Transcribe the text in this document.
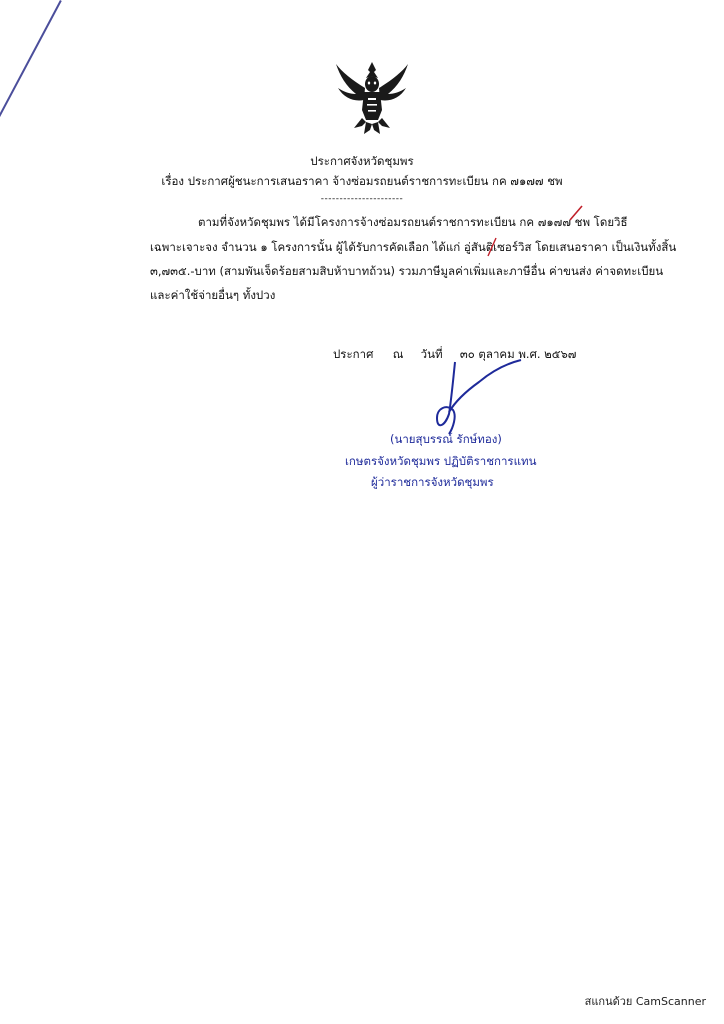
ประกาศจังหวัดชุมพร
เรื่อง ประกาศผู้ชนะการเสนอราคา จ้างซ่อมรถยนต์ราชการทะเบียน กค ๗๑๗๗ ชพ
----------------------
ตามที่จังหวัดชุมพร ได้มีโครงการจ้างซ่อมรถยนต์ราชการทะเบียน กค ๗๑๗๗ ชพ โดยวิธี
เฉพาะเจาะจง จำนวน ๑ โครงการนั้น ผู้ได้รับการคัดเลือก ได้แก่ อู่สันติเซอร์วิส โดยเสนอราคา เป็นเงินทั้งสิ้น
๓,๗๓๕.-บาท (สามพันเจ็ดร้อยสามสิบห้าบาทถ้วน) รวมภาษีมูลค่าเพิ่มและภาษีอื่น ค่าขนส่ง ค่าจดทะเบียน
และค่าใช้จ่ายอื่นๆ ทั้งปวง
ประกาศ ณ วันที่ ๓๐ ตุลาคม พ.ศ. ๒๕๖๗
(นายสุบรรณ์ รักษ์ทอง)
เกษตรจังหวัดชุมพร ปฏิบัติราชการแทน
ผู้ว่าราชการจังหวัดชุมพร
สแกนด้วย CamScanner
